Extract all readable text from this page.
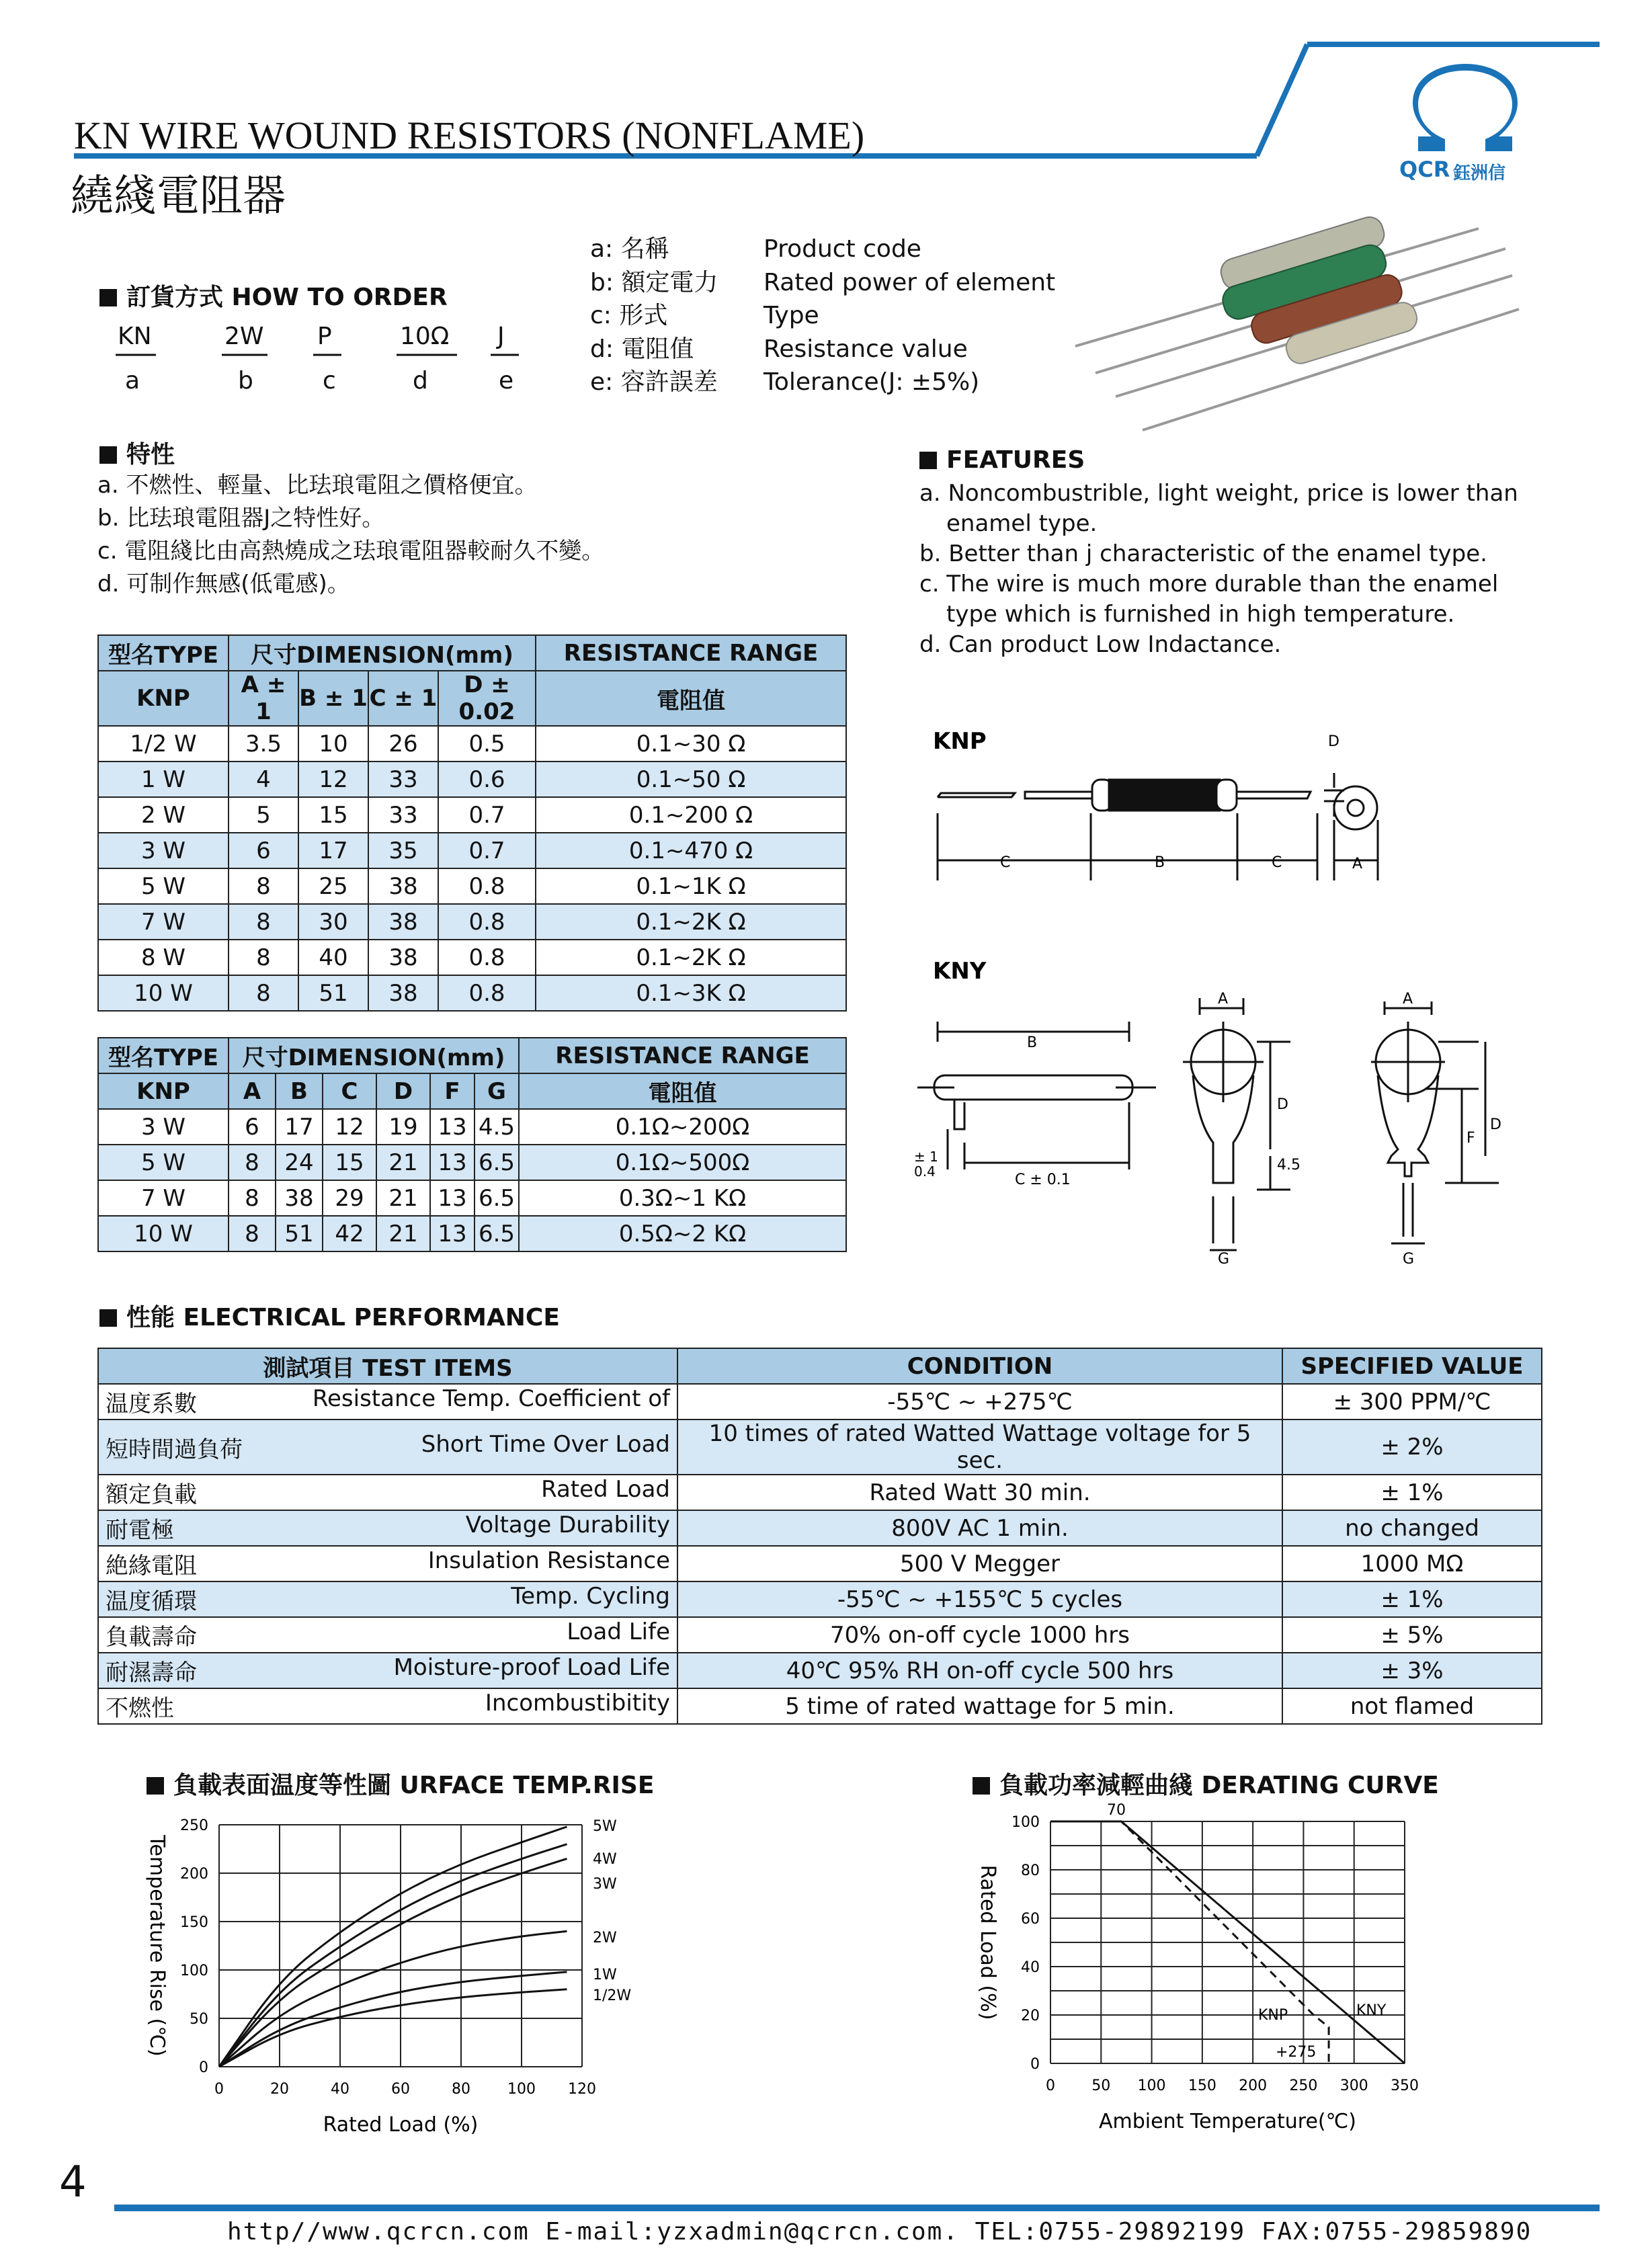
KN WIRE WOUND RESISTORS (NONFLAME)
繞綫電阻器
QCR 鈺洲信
訂貨方式 HOW TO ORDER
KN	2W P	10Ω J
a	b	c	d	e
a: 名稱	Product code
b: 額定電力 Rated power of element
c: 形式	Type
d: 電阻值	Resistance value
e: 容許誤差 Tolerance(J: ±5%)
特性
a. 不燃性、輕量、比珐琅電阻之價格便宜。
b. 比珐琅電阻器J之特性好。
c. 電阻綫比由高熱燒成之珐琅電阻器較耐久不變。
d. 可制作無感(低電感)。
FEATURES
a. Noncombustrible, light weight, price is lower than
enamel type.
b. Better than j characteristic of the enamel type.
c. The wire is much more durable than the enamel
type which is furnished in high temperature.
d. Can product Low Indactance.
型名TYPE	尺寸DIMENSION(mm)				RESISTANCE RANGE
KNP	A ± 1	B ± 1	C ± 1	D ± 0.02	電阻值
1/2 W	3.5	10	26	0.5	0.1~30 Ω
1 W	4	12	33	0.6	0.1~50 Ω
2 W	5	15	33	0.7	0.1~200 Ω
3 W	6	17	35	0.7	0.1~470 Ω
5 W	8	25	38	0.8	0.1~1K Ω
7 W	8	30	38	0.8	0.1~2K Ω
8 W	8	40	38	0.8	0.1~2K Ω
10 W	8	51	38	0.8	0.1~3K Ω
型名TYPE	尺寸DIMENSION(mm)						RESISTANCE RANGE
KNP	A	B	C	D	F	G	電阻值
3 W	6	17	12	19	13	4.5	0.1Ω~200Ω
5 W	8	24	15	21	13	6.5	0.1Ω~500Ω
7 W	8	38	29	21	13	6.5	0.3Ω~1 KΩ
10 W	8	51	42	21	13	6.5	0.5Ω~2 KΩ
KNP
C	B	C
D
A
KNY
B
± 1
0.4	C ± 0.1
A
D
4.5
G
A
F
D
G
性能 ELECTRICAL PERFORMANCE
測試項目 TEST ITEMS	CONDITION	SPECIFIED VALUE

温度系數 Resistance Temp. Coefficient of	-55℃ ~ +275℃	± 300 PPM/℃

短時間過負荷 Short Time Over Load	10 times of rated Watted Wattage voltage for 5 sec.	± 2%

額定負載 Rated Load	Rated Watt 30 min.	± 1%

耐電極 Voltage Durability	800V AC 1 min.	no changed

絶緣電阻 Insulation Resistance	500 V Megger	1000 MΩ

温度循環 Temp. Cycling	-55℃ ~ +155℃ 5 cycles	± 1%

負載壽命 Load Life	70% on-off cycle 1000 hrs	± 5%

耐濕壽命 Moisture-proof Load Life	40℃ 95% RH on-off cycle 500 hrs	± 3%

不燃性 Incombustibitity	5 time of rated wattage for 5 min.	not flamed
負載表面温度等性圖 URFACE TEMP.RISE	負載功率減輕曲綫 DERATING CURVE
0	20	40	60	80	100 120
0
50
100
150
200
250	5W
4W
3W
2W
1W
1/2W
Rated Load (%)
Temperature Rise (℃)
0 50 100 150 200 250 300 350
0
20
40
60
80
100
KNY
KNP
Ambient Temperature(℃)
Rated Load (%)
70
+275
4
http//www.qcrcn.com E-mail:yzxadmin@qcrcn.com. TEL:0755-29892199 FAX:0755-29859890
